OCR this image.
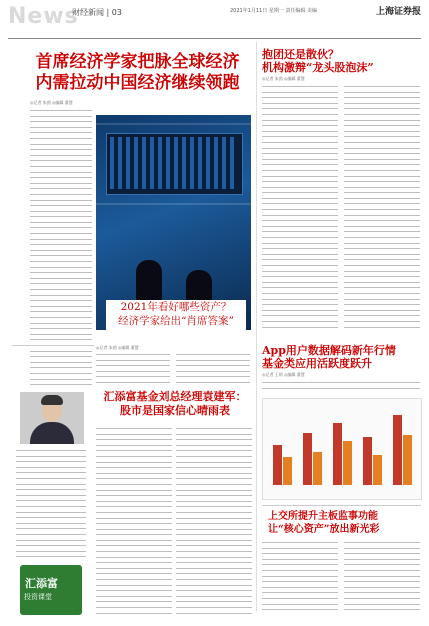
News
财经新闻 | 03	2021年1月11日 星期一 责任编辑 美编	上海证券报
首席经济学家把脉全球经济
内需拉动中国经济继续领跑
◎记者 朱茵 ◎编辑 董慧
2021年看好哪些资产？
经济学家给出“肖席答案”
◎记者 朱茵 ◎编辑 董慧
抱团还是散伙？
机构激辩“龙头股泡沫”
◎记者 朱茵 ◎编辑 董慧
App用户数据解码新年行情
基金类应用活跃度跃升
◎记者 王炳 ◎编辑 董慧
上交所提升主板监事功能
让“核心资产”放出新光彩
汇添富基金刘总经理袁建军：
股市是国家信心晴雨表
汇添富
投资课堂
